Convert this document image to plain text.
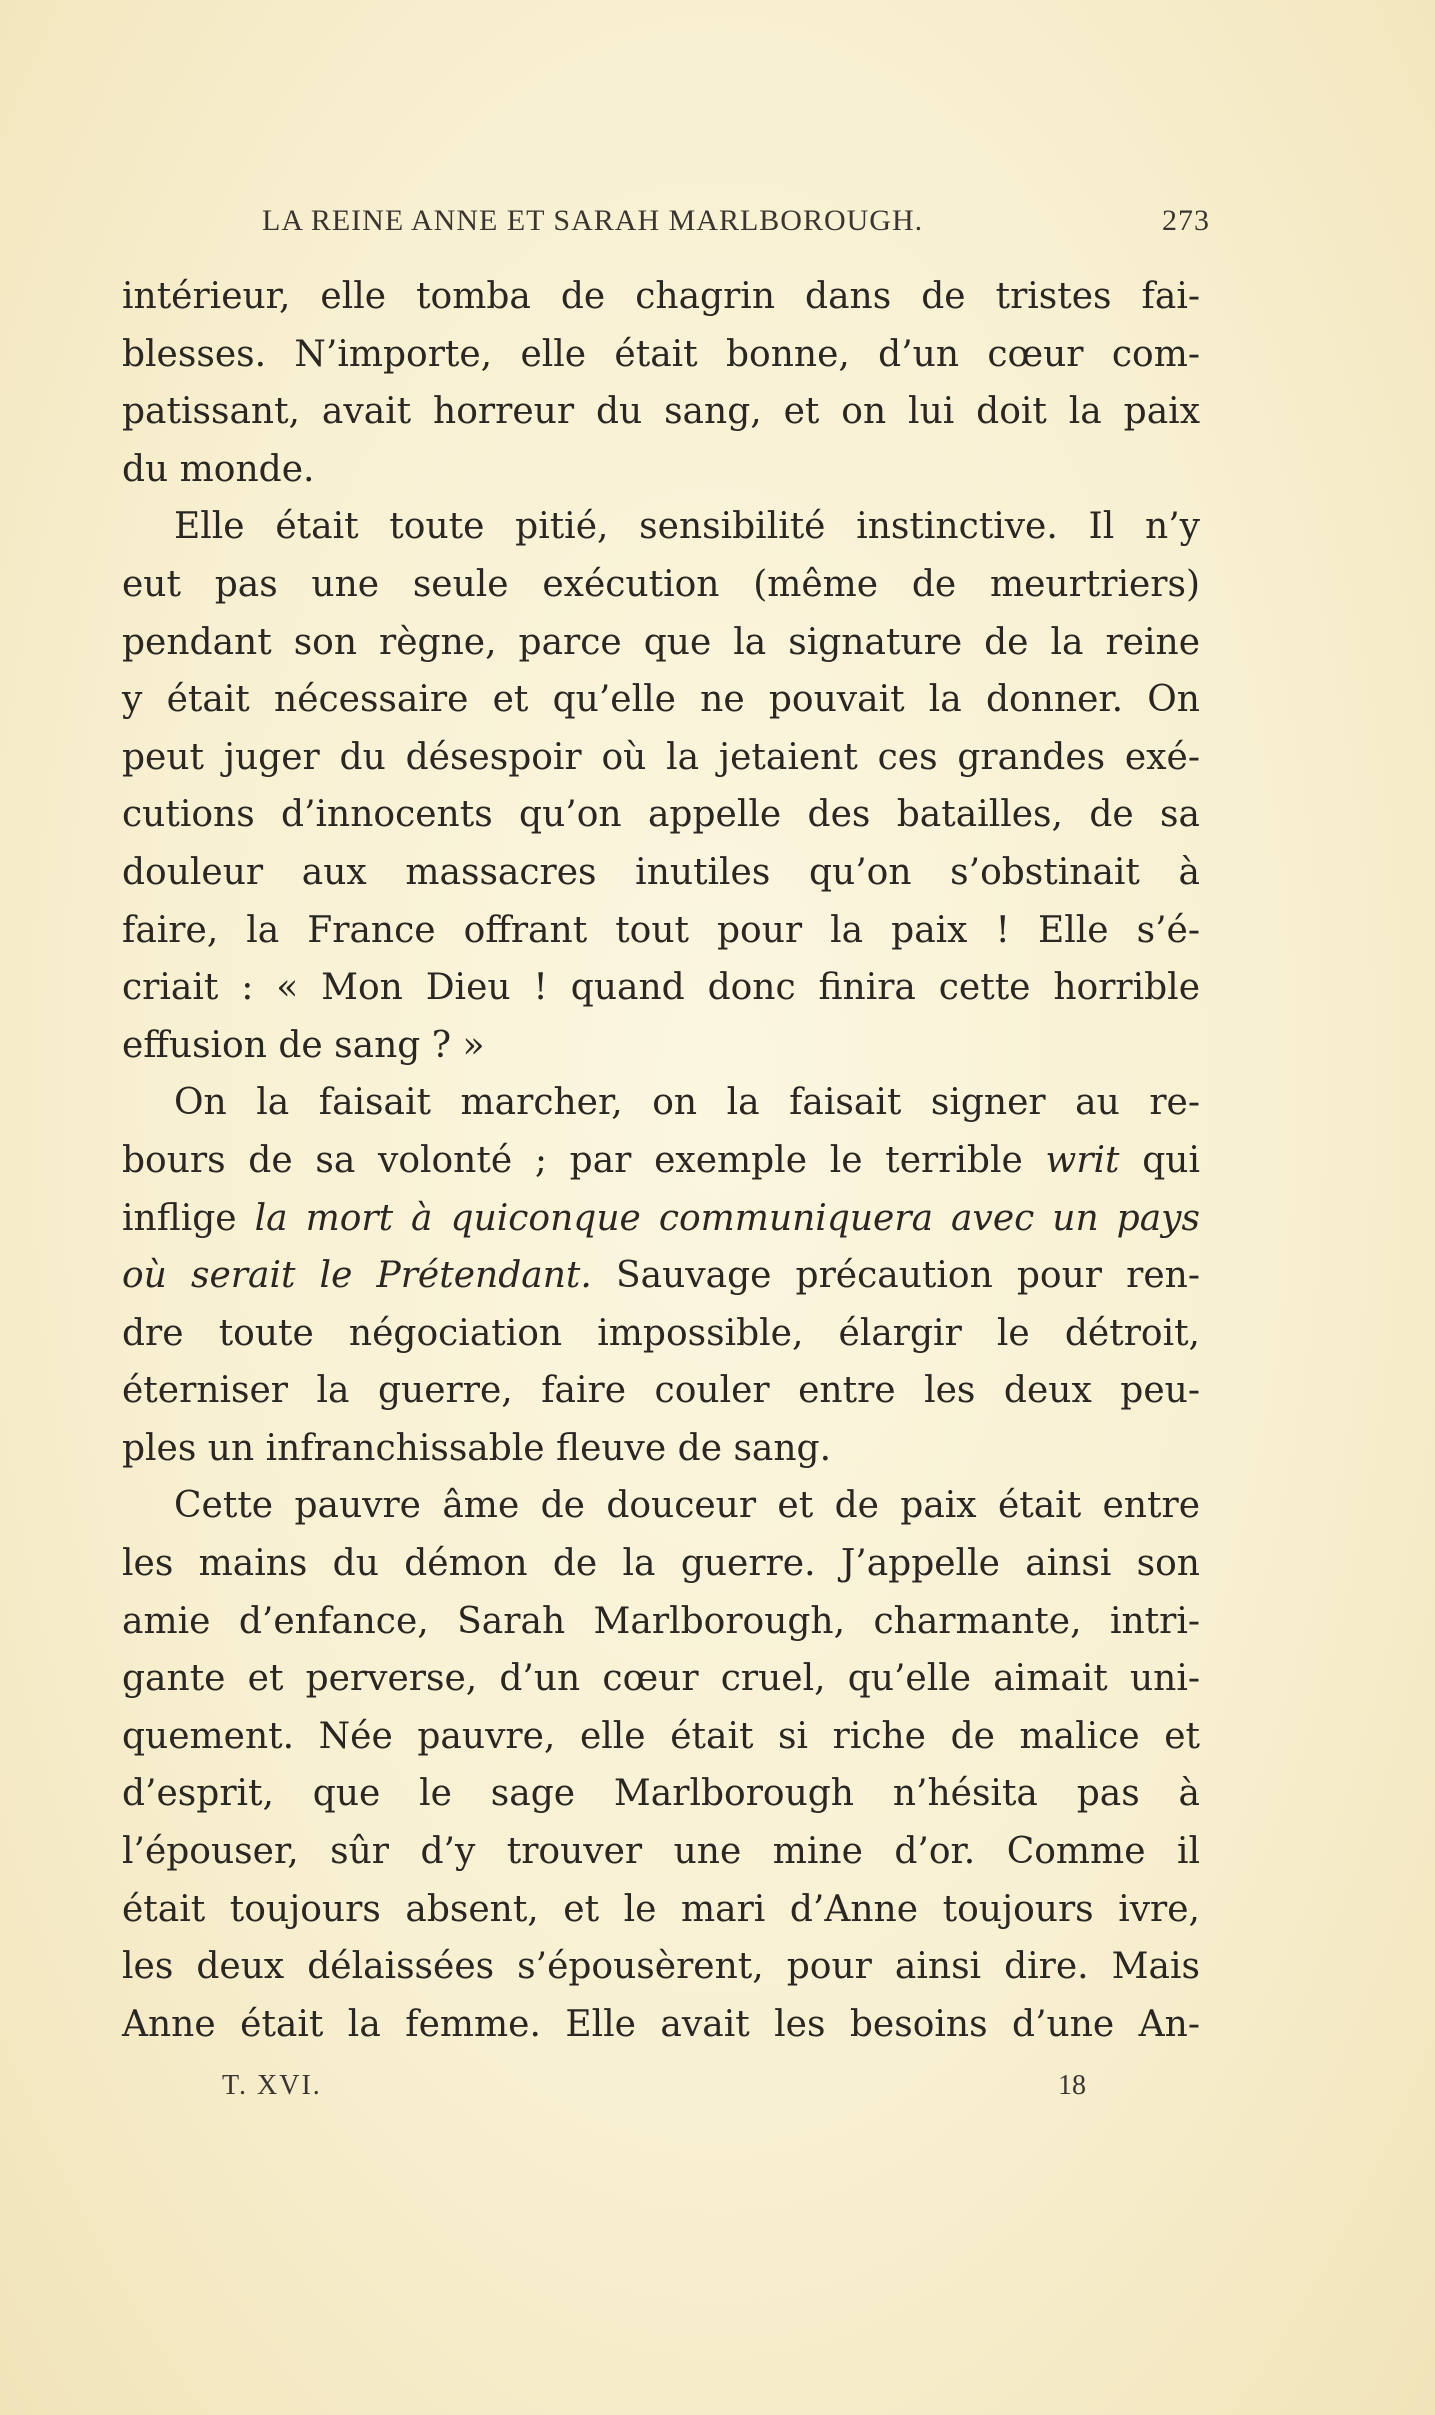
LA REINE ANNE ET SARAH MARLBOROUGH.	273
intérieur, elle tomba de chagrin dans de tristes fai-
blesses. N’importe, elle était bonne, d’un cœur com-
patissant, avait horreur du sang, et on lui doit la paix
du monde.
Elle était toute pitié, sensibilité instinctive. Il n’y
eut pas une seule exécution (même de meurtriers)
pendant son règne, parce que la signature de la reine
y était nécessaire et qu’elle ne pouvait la donner. On
peut juger du désespoir où la jetaient ces grandes exé-
cutions d’innocents qu’on appelle des batailles, de sa
douleur aux massacres inutiles qu’on s’obstinait à
faire, la France offrant tout pour la paix ! Elle s’é-
criait : « Mon Dieu ! quand donc finira cette horrible
effusion de sang ? »
On la faisait marcher, on la faisait signer au re-
bours de sa volonté ; par exemple le terrible writ qui
inflige la mort à quiconque communiquera avec un pays
où serait le Prétendant. Sauvage précaution pour ren-
dre toute négociation impossible, élargir le détroit,
éterniser la guerre, faire couler entre les deux peu-
ples un infranchissable fleuve de sang.
Cette pauvre âme de douceur et de paix était entre
les mains du démon de la guerre. J’appelle ainsi son
amie d’enfance, Sarah Marlborough, charmante, intri-
gante et perverse, d’un cœur cruel, qu’elle aimait uni-
quement. Née pauvre, elle était si riche de malice et
d’esprit, que le sage Marlborough n’hésita pas à
l’épouser, sûr d’y trouver une mine d’or. Comme il
était toujours absent, et le mari d’Anne toujours ivre,
les deux délaissées s’épousèrent, pour ainsi dire. Mais
Anne était la femme. Elle avait les besoins d’une An-
T. XVI.	18
